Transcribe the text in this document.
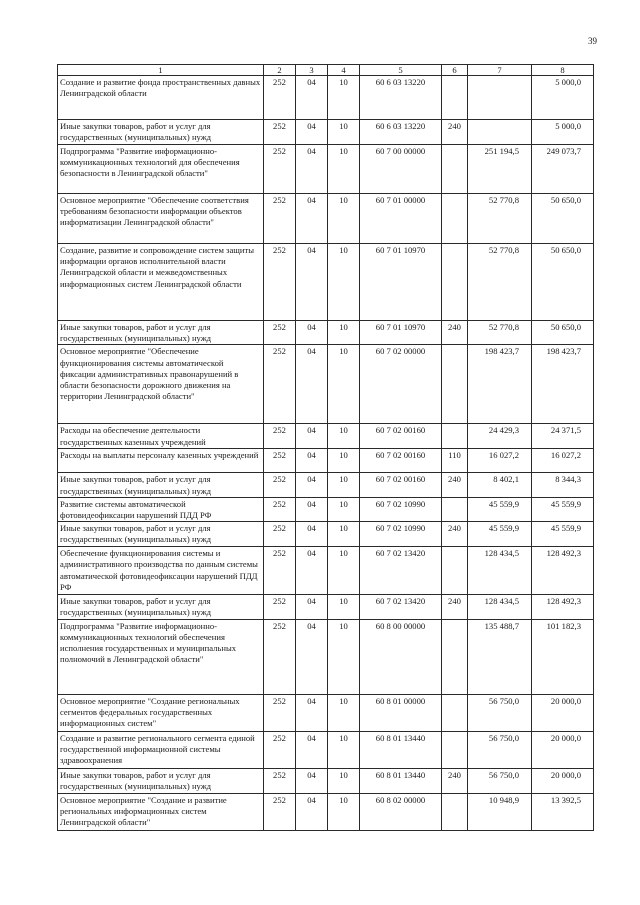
39
1	2	3	4	5	6	7	8
Создание и развитие фонда пространственных давных Ленинградской области	252	04	10	60 6 03 13220			5 000,0
Иные закупки товаров, работ и услуг для государственных (муниципальных) нужд	252	04	10	60 6 03 13220	240		5 000,0
Подпрограмма "Развитие информационно-коммуникационных технологий для обеспечения безопасности в Ленинградской области"	252	04	10	60 7 00 00000		251 194,5	249 073,7
Основное мероприятие "Обеспечение соответствия требованиям безопасности информации объектов информатизации Ленинградской области"	252	04	10	60 7 01 00000		52 770,8	50 650,0
Создание, развитие и сопровождение систем защиты информации органов исполнительной власти Ленинградской области и межведомственных информационных систем Ленинградской области	252	04	10	60 7 01 10970		52 770,8	50 650,0
Иные закупки товаров, работ и услуг для государственных (муниципальных) нужд	252	04	10	60 7 01 10970	240	52 770,8	50 650,0
Основное мероприятие "Обеспечение функционирования системы автоматической фиксации административных правонарушений в области безопасности дорожного движения на территории Ленинградской области"	252	04	10	60 7 02 00000		198 423,7	198 423,7
Расходы на обеспечение деятельности государственных казенных учреждений	252	04	10	60 7 02 00160		24 429,3	24 371,5
Расходы на выплаты персоналу казенных учреждений	252	04	10	60 7 02 00160	110	16 027,2	16 027,2
Иные закупки товаров, работ и услуг для государственных (муниципальных) нужд	252	04	10	60 7 02 00160	240	8 402,1	8 344,3
Развитие системы автоматической фотовидеофиксации нарушений ПДД РФ	252	04	10	60 7 02 10990		45 559,9	45 559,9
Иные закупки товаров, работ и услуг для государственных (муниципальных) нужд	252	04	10	60 7 02 10990	240	45 559,9	45 559,9
Обеспечение функционирования системы и административного производства по данным системы автоматической фотовидеофиксации нарушений ПДД РФ	252	04	10	60 7 02 13420		128 434,5	128 492,3
Иные закупки товаров, работ и услуг для государственных (муниципальных) нужд	252	04	10	60 7 02 13420	240	128 434,5	128 492,3
Подпрограмма "Развитие информационно-коммуникационных технологий обеспечения исполнения государственных и муниципальных полномочий в Ленинградской области"	252	04	10	60 8 00 00000		135 488,7	101 182,3
Основное мероприятие "Создание региональных сегментов федеральных государственных информационных систем"	252	04	10	60 8 01 00000		56 750,0	20 000,0
Создание и развитие регионального сегмента единой государственной информационной системы здравоохранения	252	04	10	60 8 01 13440		56 750,0	20 000,0
Иные закупки товаров, работ и услуг для государственных (муниципальных) нужд	252	04	10	60 8 01 13440	240	56 750,0	20 000,0
Основное мероприятие "Создание и развитие региональных информационных систем Ленинградской области"	252	04	10	60 8 02 00000		10 948,9	13 392,5
